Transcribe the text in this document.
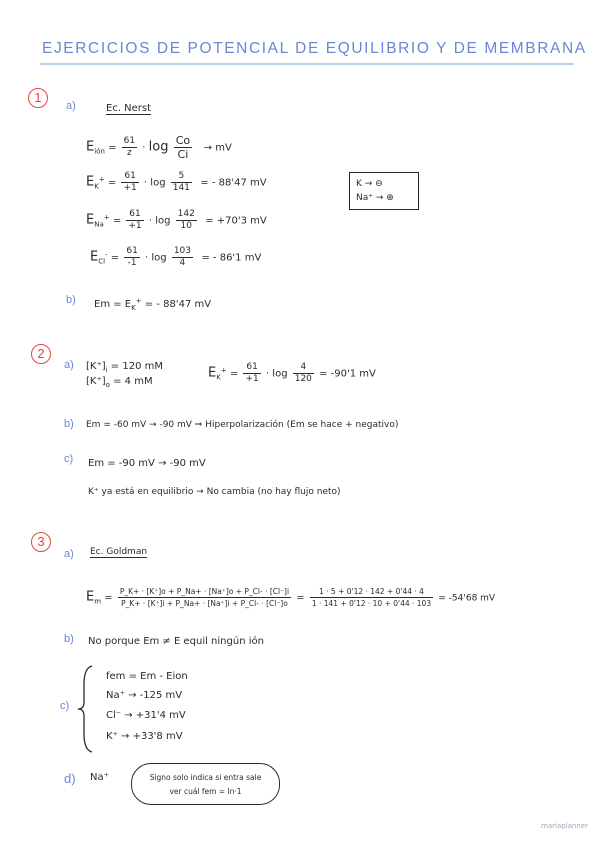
EJERCICIOS DE POTENCIAL DE EQUILIBRIO Y DE MEMBRANA
1
a)	Ec. Nerst
$E_{ión} = \frac{61}{z} \cdot \log \frac{Co}{Ci}$ → mV
$E_K^+ = \frac{61}{+1} \cdot \log \frac{5}{141}$ = - 88'47 mV
$E_{Na}^+ = \frac{61}{+1} \cdot \log \frac{142}{10} = +70'3$ mV
$E_{Cl}^- = \frac{61}{-1} \cdot \log \frac{103}{4}$ = - 86'1 mV
K → ⊖
Na⁺ → ⊕
b) $Em = E_K^+$ = - 88'47 mV
2
a) $[K^+]_i = 120$ mM
$[K^+]_o = 4$ mM
$E_K^+ = \frac{61}{+1} \cdot \log \frac{4}{120} = -90'1$ mV
b) Em = -60 mV → -90 mV ⇒ Hiperpolarización (Em se hace + negativo)
c) Em = -90 mV → -90 mV
K⁺ ya está en equilibrio → No cambia (no hay flujo neto)
3
a) Ec. Goldman
$E_m = \frac{P\_K+ \cdot [K^+]o + P\_Na+ \cdot [Na^+]o + P\_Cl- \cdot [Cl^-]i}{P\_K+ \cdot [K^+]i + P\_Na+ \cdot [Na^+]i + P\_Cl- \cdot [Cl^-]o} = \frac{1 \cdot 5 + 0'12 \cdot 142 + 0'44 \cdot 4}{1 \cdot 141 + 0'12 \cdot 10 + 0'44 \cdot 103} = -54'68$ mV
b) No porque Em ≠ E equil ningún ión
c)
fem = Em - Eion
Na⁺ → -125 mV
Cl⁻ → +31'4 mV
K⁺ → +33'8 mV
d) Na⁺	Signo solo indica si entra sale
ver cuál fem = ln·1
mariaplanner
